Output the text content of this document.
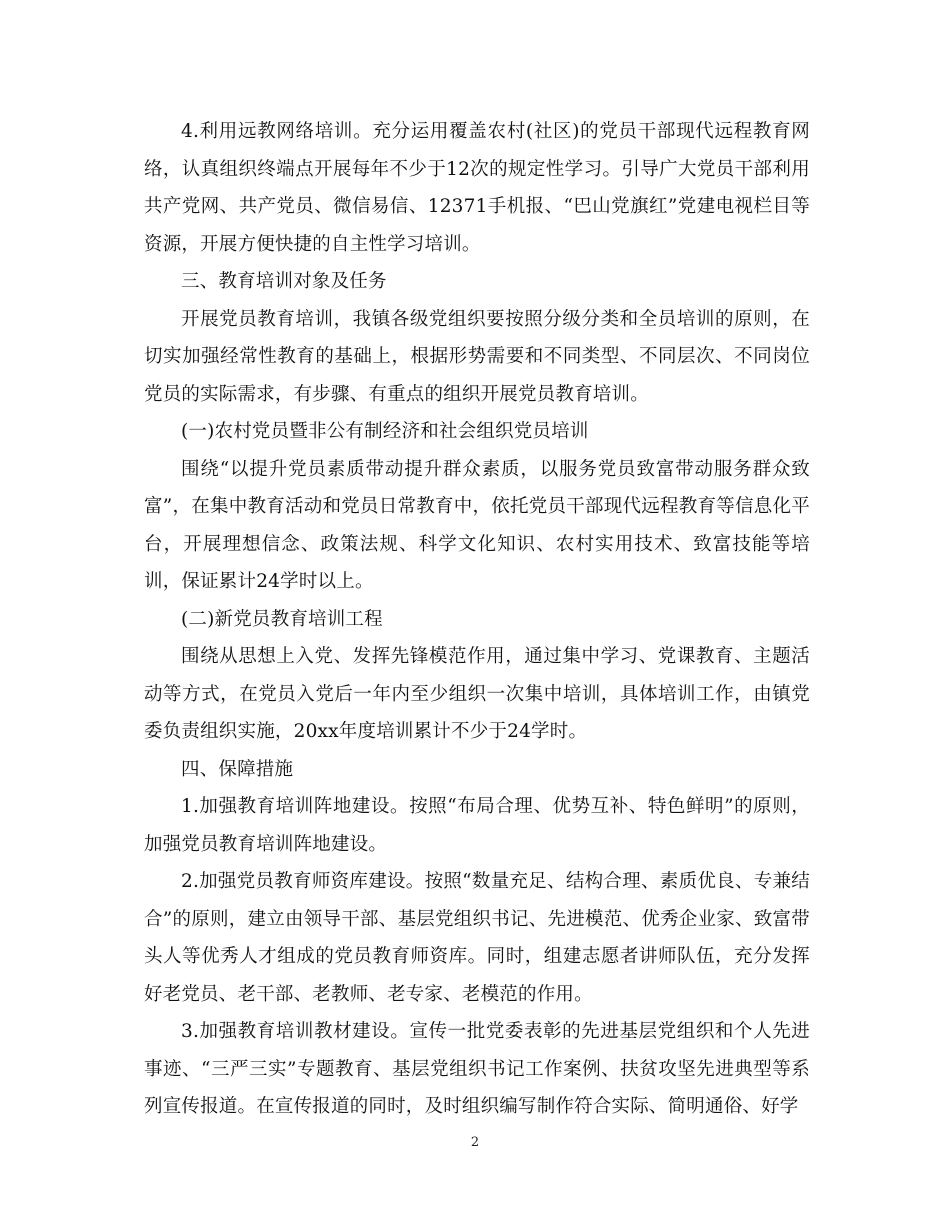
4.利用远教网络培训。充分运用覆盖农村(社区)的党员干部现代远程教育网络，认真组织终端点开展每年不少于12次的规定性学习。引导广大党员干部利用共产党网、共产党员、微信易信、12371手机报、“巴山党旗红”党建电视栏目等资源，开展方便快捷的自主性学习培训。

三、教育培训对象及任务

开展党员教育培训，我镇各级党组织要按照分级分类和全员培训的原则，在切实加强经常性教育的基础上，根据形势需要和不同类型、不同层次、不同岗位党员的实际需求，有步骤、有重点的组织开展党员教育培训。

(一)农村党员暨非公有制经济和社会组织党员培训

围绕“以提升党员素质带动提升群众素质，以服务党员致富带动服务群众致富”，在集中教育活动和党员日常教育中，依托党员干部现代远程教育等信息化平台，开展理想信念、政策法规、科学文化知识、农村实用技术、致富技能等培训，保证累计24学时以上。

(二)新党员教育培训工程

围绕从思想上入党、发挥先锋模范作用，通过集中学习、党课教育、主题活动等方式，在党员入党后一年内至少组织一次集中培训，具体培训工作，由镇党委负责组织实施，20xx年度培训累计不少于24学时。

四、保障措施

1.加强教育培训阵地建设。按照“布局合理、优势互补、特色鲜明”的原则，加强党员教育培训阵地建设。

2.加强党员教育师资库建设。按照“数量充足、结构合理、素质优良、专兼结合”的原则，建立由领导干部、基层党组织书记、先进模范、优秀企业家、致富带头人等优秀人才组成的党员教育师资库。同时，组建志愿者讲师队伍，充分发挥好老党员、老干部、老教师、老专家、老模范的作用。

3.加强教育培训教材建设。宣传一批党委表彰的先进基层党组织和个人先进事迹、“三严三实”专题教育、基层党组织书记工作案例、扶贫攻坚先进典型等系列宣传报道。在宣传报道的同时，及时组织编写制作符合实际、简明通俗、好学

2
